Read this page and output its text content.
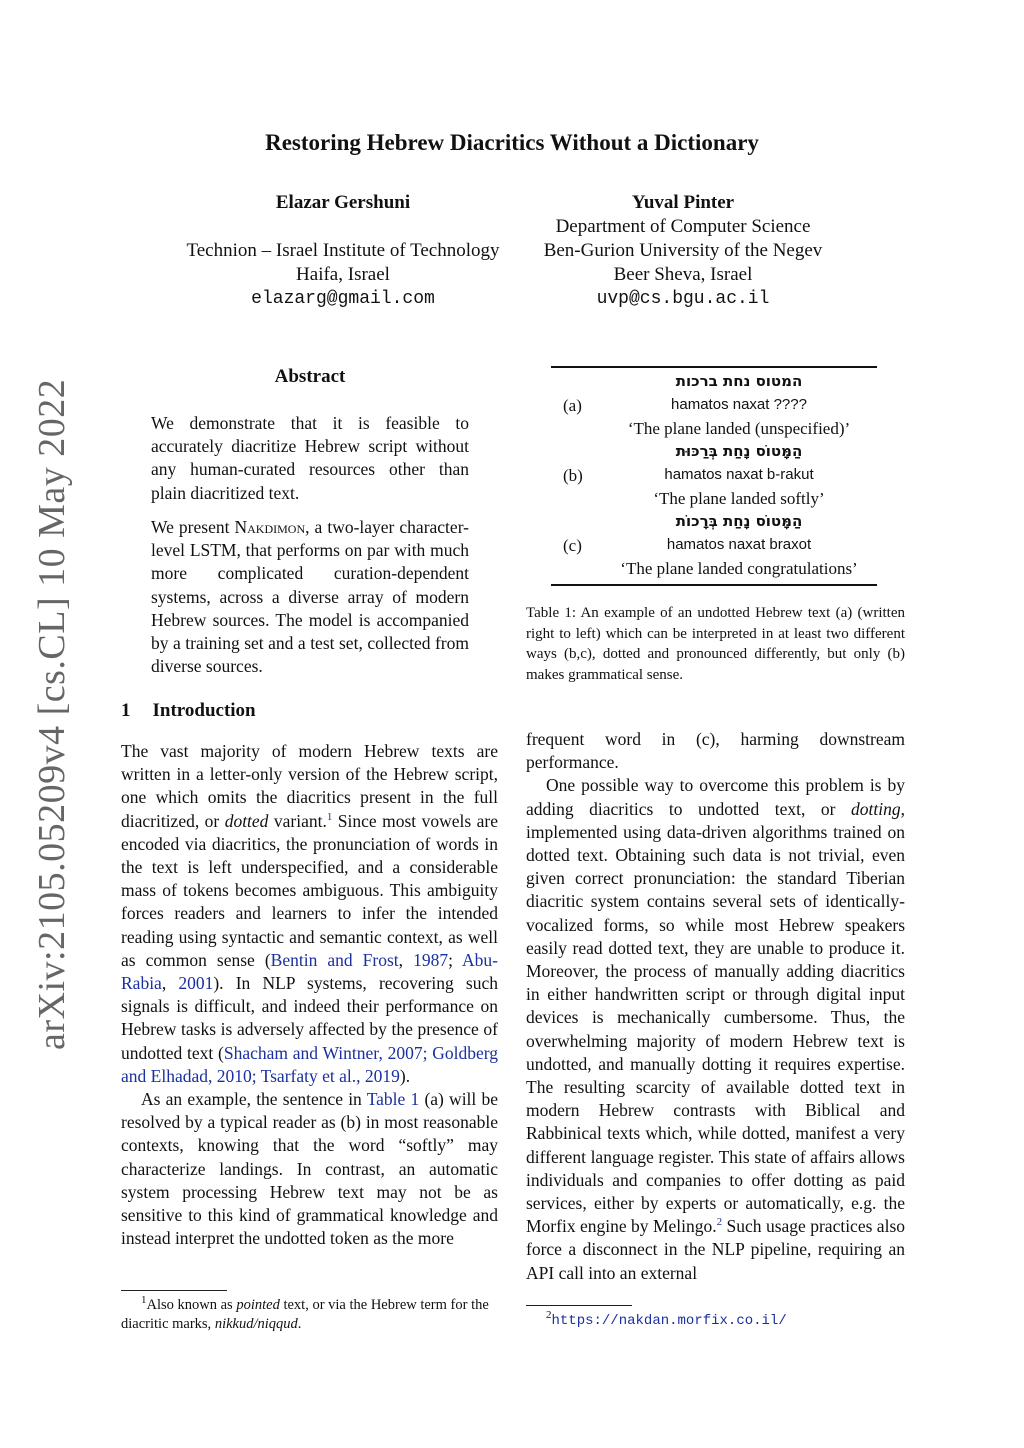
arXiv:2105.05209v4 [cs.CL] 10 May 2022
Restoring Hebrew Diacritics Without a Dictionary
Elazar Gershuni
Technion – Israel Institute of Technology
Haifa, Israel
elazarg@gmail.com
Yuval Pinter
Department of Computer Science
Ben-Gurion University of the Negev
Beer Sheva, Israel
uvp@cs.bgu.ac.il
Abstract

We demonstrate that it is feasible to accurately diacritize Hebrew script without any human-curated resources other than plain diacritized text.

We present Nakdimon, a two-layer character-level LSTM, that performs on par with much more complicated curation-dependent systems, across a diverse array of modern Hebrew sources. The model is accompanied by a training set and a test set, collected from diverse sources.

1 Introduction

The vast majority of modern Hebrew texts are written in a letter-only version of the Hebrew script, one which omits the diacritics present in the full diacritized, or dotted variant.$^1$ Since most vowels are encoded via diacritics, the pronunciation of words in the text is left underspecified, and a considerable mass of tokens becomes ambiguous. This ambiguity forces readers and learners to infer the intended reading using syntactic and semantic context, as well as common sense (Bentin and Frost, 1987; Abu-Rabia, 2001). In NLP systems, recovering such signals is difficult, and indeed their performance on Hebrew tasks is adversely affected by the presence of undotted text (Shacham and Wintner, 2007; Goldberg and Elhadad, 2010; Tsarfaty et al., 2019).

As an example, the sentence in Table 1 (a) will be resolved by a typical reader as (b) in most reasonable contexts, knowing that the word “softly” may characterize landings. In contrast, an automatic system processing Hebrew text may not be as sensitive to this kind of grammatical knowledge and instead interpret the undotted token as the more

$^1$Also known as pointed text, or via the Hebrew term for the diacritic marks, nikkud/niqqud.
המטוס נחת ברכות
(a)	hamatos naxat ????
‘The plane landed (unspecified)’
הַמָּטוֹס נָחַת בְּרַכּוּת
(b)	hamatos naxat b-rakut
‘The plane landed softly’
הַמָּטוֹס נָחַת בְּרָכוֹת
(c)	hamatos naxat braxot
‘The plane landed congratulations’
Table 1: An example of an undotted Hebrew text (a) (written right to left) which can be interpreted in at least two different ways (b,c), dotted and pronounced differently, but only (b) makes grammatical sense.

frequent word in (c), harming downstream performance.

One possible way to overcome this problem is by adding diacritics to undotted text, or dotting, implemented using data-driven algorithms trained on dotted text. Obtaining such data is not trivial, even given correct pronunciation: the standard Tiberian diacritic system contains several sets of identically-vocalized forms, so while most Hebrew speakers easily read dotted text, they are unable to produce it. Moreover, the process of manually adding diacritics in either handwritten script or through digital input devices is mechanically cumbersome. Thus, the overwhelming majority of modern Hebrew text is undotted, and manually dotting it requires expertise. The resulting scarcity of available dotted text in modern Hebrew contrasts with Biblical and Rabbinical texts which, while dotted, manifest a very different language register. This state of affairs allows individuals and companies to offer dotting as paid services, either by experts or automatically, e.g. the Morfix engine by Melingo.$^2$ Such usage practices also force a disconnect in the NLP pipeline, requiring an API call into an external

$^2$https://nakdan.morfix.co.il/
